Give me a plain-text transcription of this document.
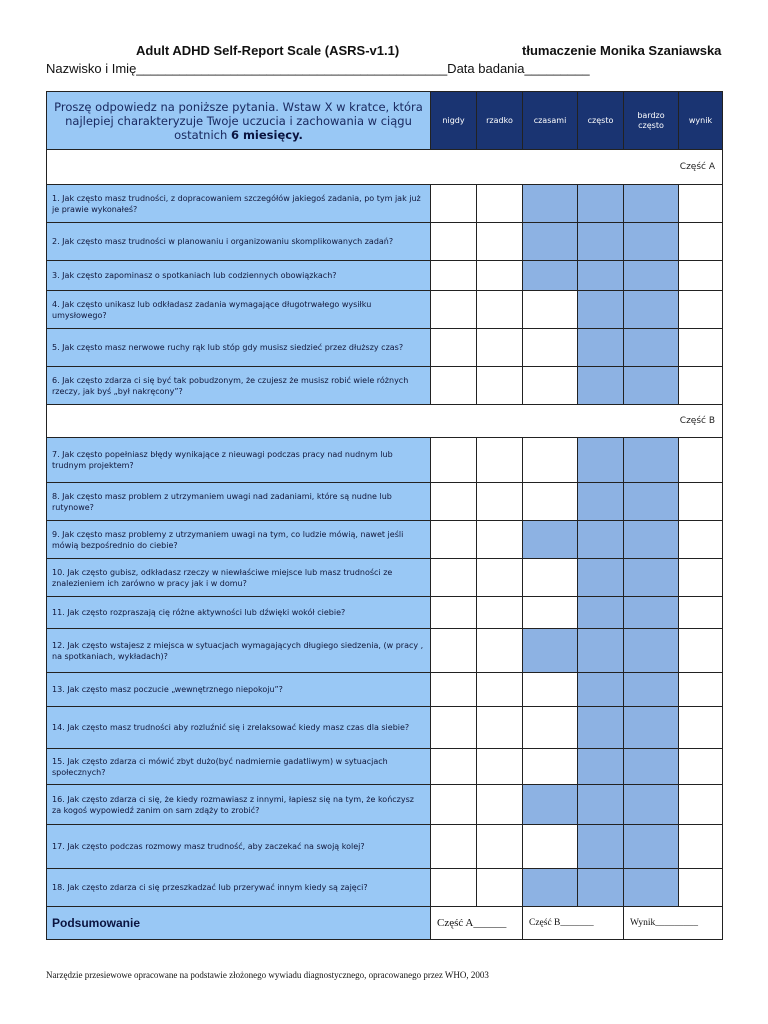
Adult ADHD Self-Report Scale (ASRS-v1.1)	tłumaczenie Monika Szaniawska
Nazwisko i Imię___________________________________________Data badania_________
Proszę odpowiedz na poniższe pytania. Wstaw X w kratce, która najlepiej charakteryzuje Twoje uczucia i zachowania w ciągu ostatnich 6 miesięcy.	nigdy	rzadko	czasami	często	bardzo często	wynik
Część A						
1. Jak często masz trudności, z dopracowaniem szczegółów jakiegoś zadania, po tym jak już je prawie wykonałeś?						
2. Jak często masz trudności w planowaniu i organizowaniu skomplikowanych zadań?						
3. Jak często zapominasz o spotkaniach lub codziennych obowiązkach?						
4. Jak często unikasz lub odkładasz zadania wymagające długotrwałego wysiłku umysłowego?						
5. Jak często masz nerwowe ruchy rąk lub stóp gdy musisz siedzieć przez dłuższy czas?						
6. Jak często zdarza ci się być tak pobudzonym, że czujesz że musisz robić wiele różnych rzeczy, jak byś „był nakręcony”?						
Część B						
7. Jak często popełniasz błędy wynikające z nieuwagi podczas pracy nad nudnym lub trudnym projektem?						
8. Jak często masz problem z utrzymaniem uwagi nad zadaniami, które są nudne lub rutynowe?						
9. Jak często masz problemy z utrzymaniem uwagi na tym, co ludzie mówią, nawet jeśli mówią bezpośrednio do ciebie?						
10. Jak często gubisz, odkładasz rzeczy w niewłaściwe miejsce lub masz trudności ze znalezieniem ich zarówno w pracy jak i w domu?						
11. Jak często rozpraszają cię różne aktywności lub dźwięki wokół ciebie?						
12. Jak często wstajesz z miejsca w sytuacjach wymagających długiego siedzenia, (w pracy , na spotkaniach, wykładach)?						
13. Jak często masz poczucie „wewnętrznego niepokoju”?						
14. Jak często masz trudności aby rozluźnić się i zrelaksować kiedy masz czas dla siebie?						
15. Jak często zdarza ci mówić zbyt dużo(być nadmiernie gadatliwym) w sytuacjach społecznych?						
16. Jak często zdarza ci się, że kiedy rozmawiasz z innymi, łapiesz się na tym, że kończysz za kogoś wypowiedź zanim on sam zdąży to zrobić?						
17. Jak często podczas rozmowy masz trudność, aby zaczekać na swoją kolej?						
18. Jak często zdarza ci się przeszkadzać lub przerywać innym kiedy są zajęci?						
Podsumowanie	Część A______		Część B_______		Wynik_________	
Narzędzie przesiewowe opracowane na podstawie złożonego wywiadu diagnostycznego, opracowanego przez WHO, 2003
